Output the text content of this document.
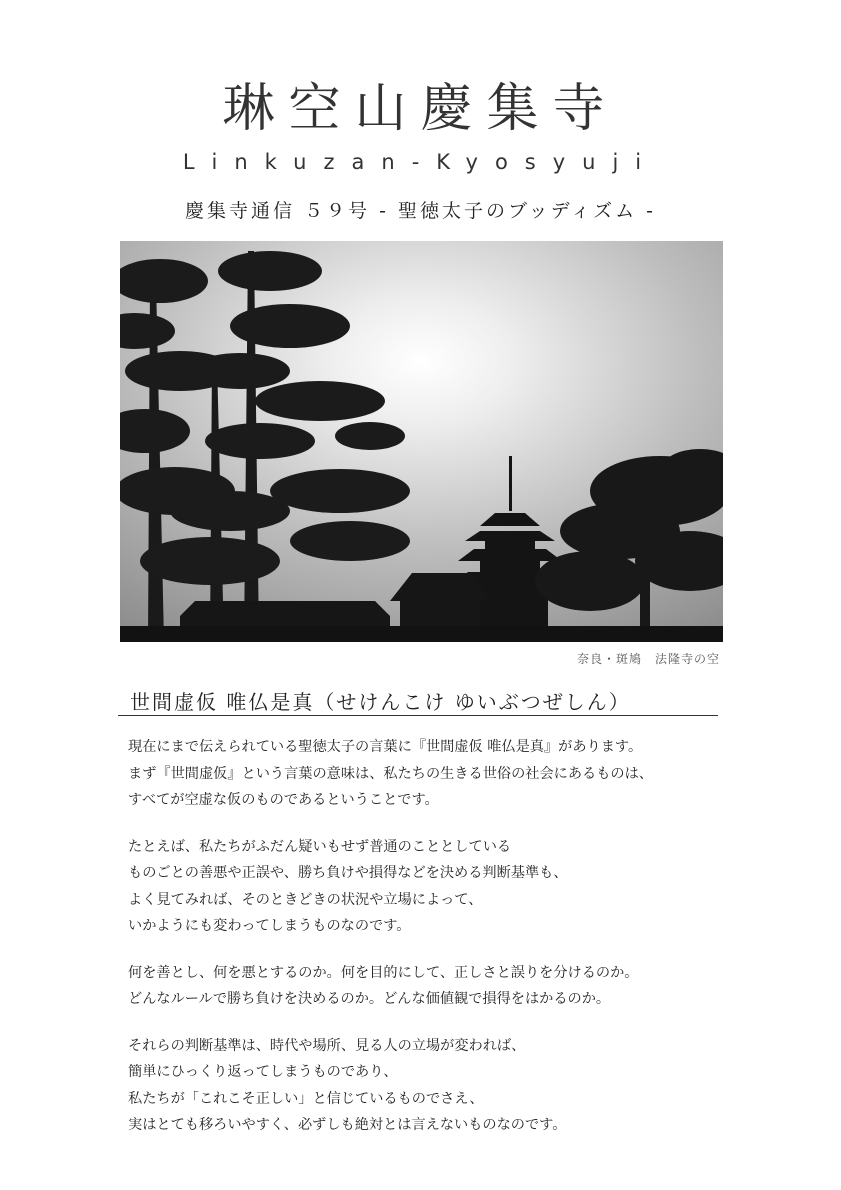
琳空山慶集寺
Linkuzan-Kyosyuji
慶集寺通信 ５９号 - 聖徳太子のブッディズム -
奈良・斑鳩　法隆寺の空
世間虚仮 唯仏是真（せけんこけ ゆいぶつぜしん）
現在にまで伝えられている聖徳太子の言葉に『世間虚仮 唯仏是真』があります。
まず『世間虚仮』という言葉の意味は、私たちの生きる世俗の社会にあるものは、
すべてが空虚な仮のものであるということです。
たとえば、私たちがふだん疑いもせず普通のこととしている
ものごとの善悪や正誤や、勝ち負けや損得などを決める判断基準も、
よく見てみれば、そのときどきの状況や立場によって、
いかようにも変わってしまうものなのです。
何を善とし、何を悪とするのか。何を目的にして、正しさと誤りを分けるのか。
どんなルールで勝ち負けを決めるのか。どんな価値観で損得をはかるのか。
それらの判断基準は、時代や場所、見る人の立場が変われば、
簡単にひっくり返ってしまうものであり、
私たちが「これこそ正しい」と信じているものでさえ、
実はとても移ろいやすく、必ずしも絶対とは言えないものなのです。
